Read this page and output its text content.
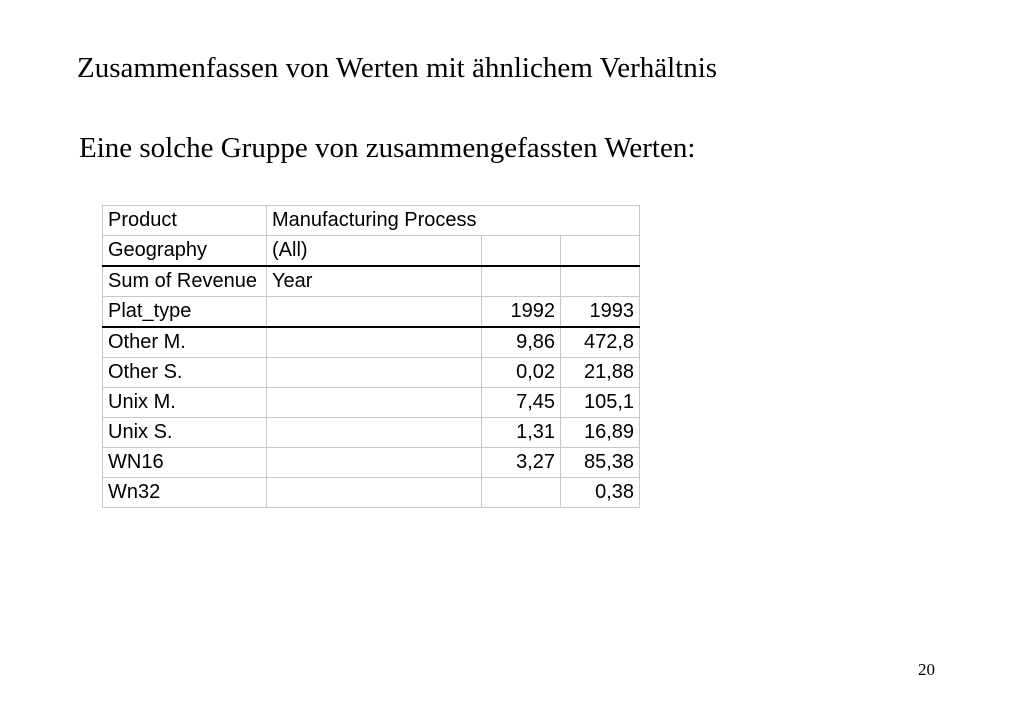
Zusammenfassen von Werten mit ähnlichem Verhältnis
Eine solche Gruppe von zusammengefassten Werten:
Product	Manufacturing Process		
Geography	(All)		
Sum of Revenue	Year		
Plat_type		1992	1993
Other M.		9,86	472,8
Other S.		0,02	21,88
Unix M.		7,45	105,1
Unix S.		1,31	16,89
WN16		3,27	85,38
Wn32			0,38
20
